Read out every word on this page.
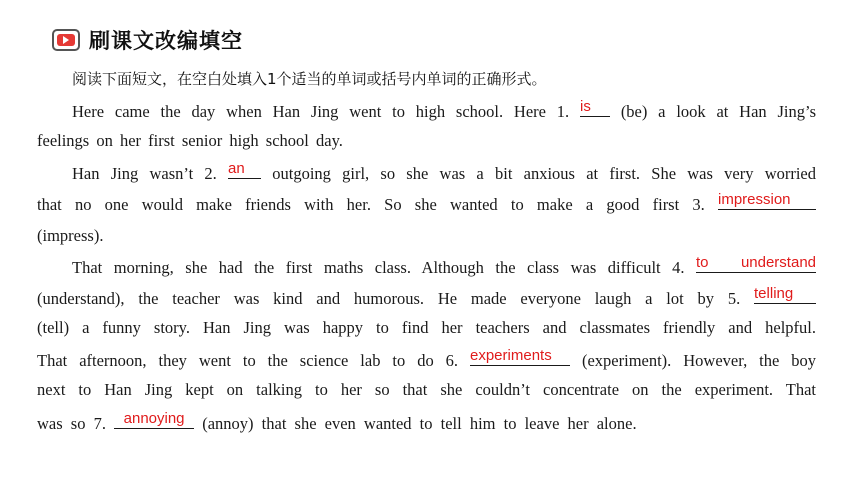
刷课文改编填空
阅读下面短文，在空白处填入1个适当的单词或括号内单词的正确形式。
Here came the day when Han Jing went to high school. Here 1. is	(be) a look at Han Jing’s
feelings on her first senior high school day.
Han Jing wasn’t 2. an	outgoing girl, so she was a bit anxious at first. She was very worried
that no one would make friends with her. So she wanted to make a good first 3. impression
(impress).
That morning, she had the first maths class. Although the class was difficult 4. to understand
(understand), the teacher was kind and humorous. He made everyone laugh a lot by 5. telling
(tell) a funny story. Han Jing was happy to find her teachers and classmates friendly and helpful.
That afternoon, they went to the science lab to do 6. experiments	(experiment). However, the boy
next to Han Jing kept on talking to her so that she couldn’t concentrate on the experiment. That
was so 7.	annoying	(annoy) that she even wanted to tell him to leave her alone.
